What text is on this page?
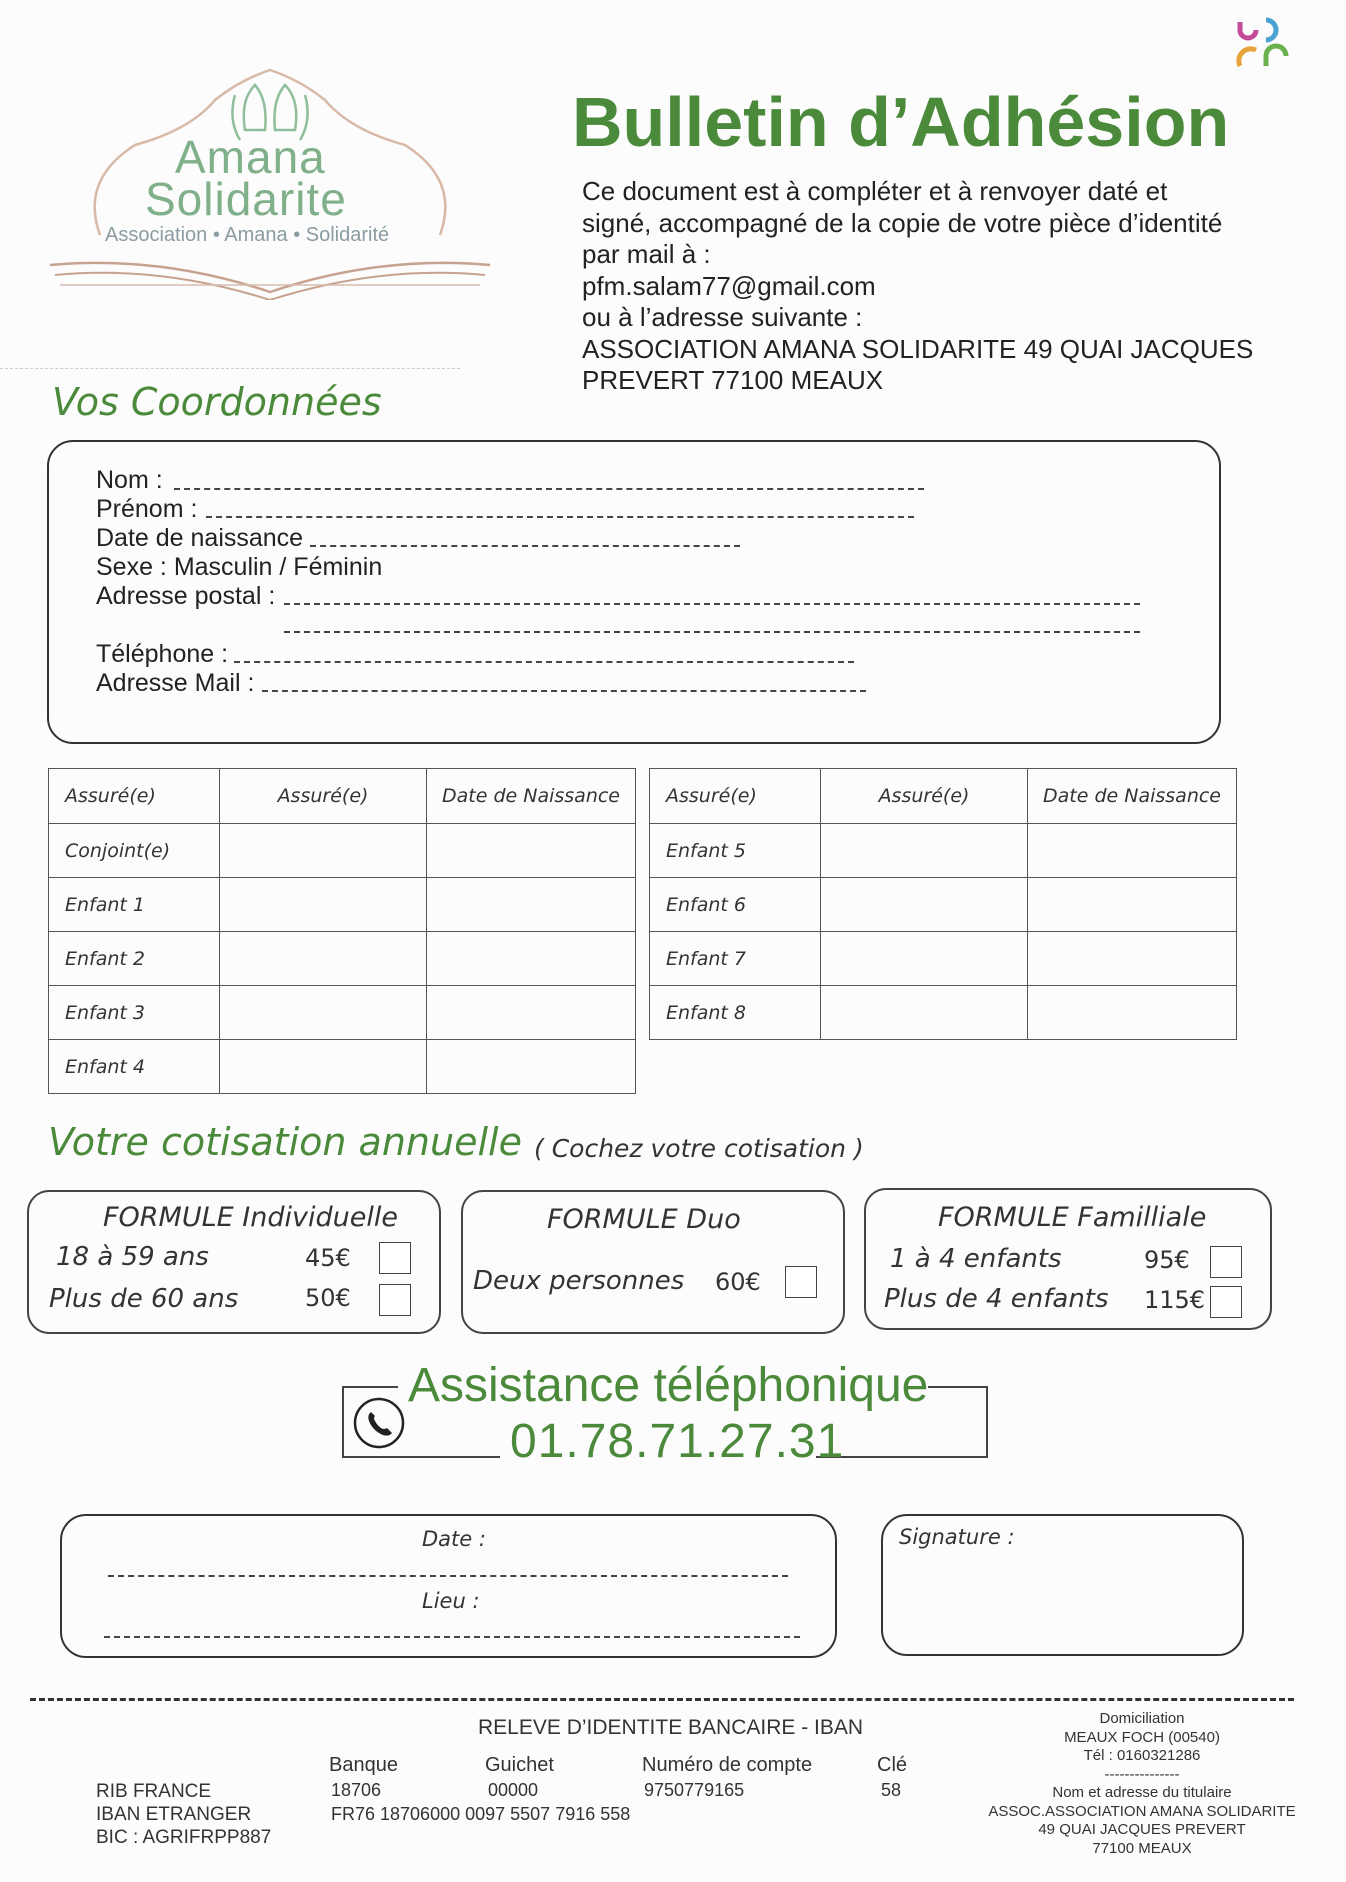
Amana
Solidarite
Association • Amana • Solidarité
Bulletin d’Adhésion
Ce document est à compléter et à renvoyer daté et
signé, accompagné de la copie de votre pièce d’identité
par mail à :
pfm.salam77@gmail.com
ou à l’adresse suivante :
ASSOCIATION AMANA SOLIDARITE 49 QUAI JACQUES
PREVERT 77100 MEAUX
Vos Coordonnées
Nom :
Prénom :
Date de naissance
Sexe : Masculin / Féminin
Adresse postal :
Téléphone :
Adresse Mail :
Assuré(e)	Assuré(e)	Date de Naissance
Conjoint(e)		
Enfant 1		
Enfant 2		
Enfant 3		
Enfant 4		
Assuré(e)	Assuré(e)	Date de Naissance
Enfant 5		
Enfant 6		
Enfant 7		
Enfant 8		
Votre cotisation annuelle ( Cochez votre cotisation )
FORMULE Individuelle
18 à 59 ans	45€
Plus de 60 ans	50€
FORMULE Duo
Deux personnes 60€
FORMULE Familliale
1 à 4 enfants	95€
Plus de 4 enfants 115€
Assistance téléphonique
01.78.71.27.31
Date :
Lieu :
Signature :
RELEVE D’IDENTITE BANCAIRE - IBAN
RIB FRANCE
IBAN ETRANGER
BIC : AGRIFRPP887
Banque	Guichet	Numéro de compte	Clé
18706	00000	9750779165	58
FR76 18706000 0097 5507 7916 558
Domiciliation
MEAUX FOCH (00540)
Tél : 0160321286
---------------
Nom et adresse du titulaire
ASSOC.ASSOCIATION AMANA SOLIDARITE
49 QUAI JACQUES PREVERT
77100 MEAUX
